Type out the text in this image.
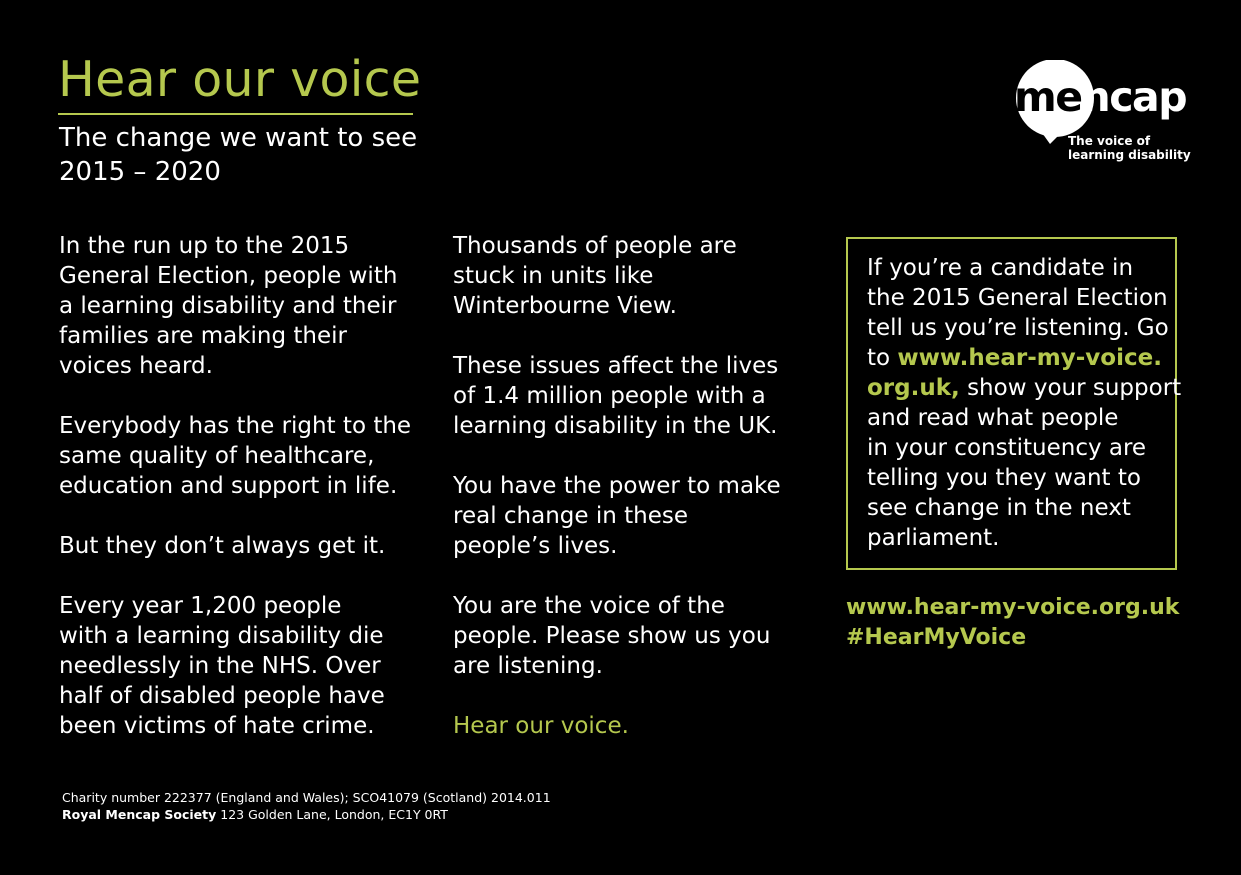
Hear our voice
The change we want to see
2015 – 2020
mencap
The voice of
learning disability

In the run up to the 2015
General Election, people with
a learning disability and their
families are making their
voices heard.

Everybody has the right to the
same quality of healthcare,
education and support in life.

But they don’t always get it.

Every year 1,200 people
with a learning disability die
needlessly in the NHS. Over
half of disabled people have
been victims of hate crime.

Thousands of people are
stuck in units like
Winterbourne View.

These issues affect the lives
of 1.4 million people with a
learning disability in the UK.

You have the power to make
real change in these
people’s lives.

You are the voice of the
people. Please show us you
are listening.

Hear our voice.

If you’re a candidate in
the 2015 General Election
tell us you’re listening. Go
to www.hear-my-voice.
org.uk, show your support
and read what people
in your constituency are
telling you they want to
see change in the next
parliament.
www.hear-my-voice.org.uk
#HearMyVoice
Charity number 222377 (England and Wales); SCO41079 (Scotland) 2014.011
Royal Mencap Society 123 Golden Lane, London, EC1Y 0RT
